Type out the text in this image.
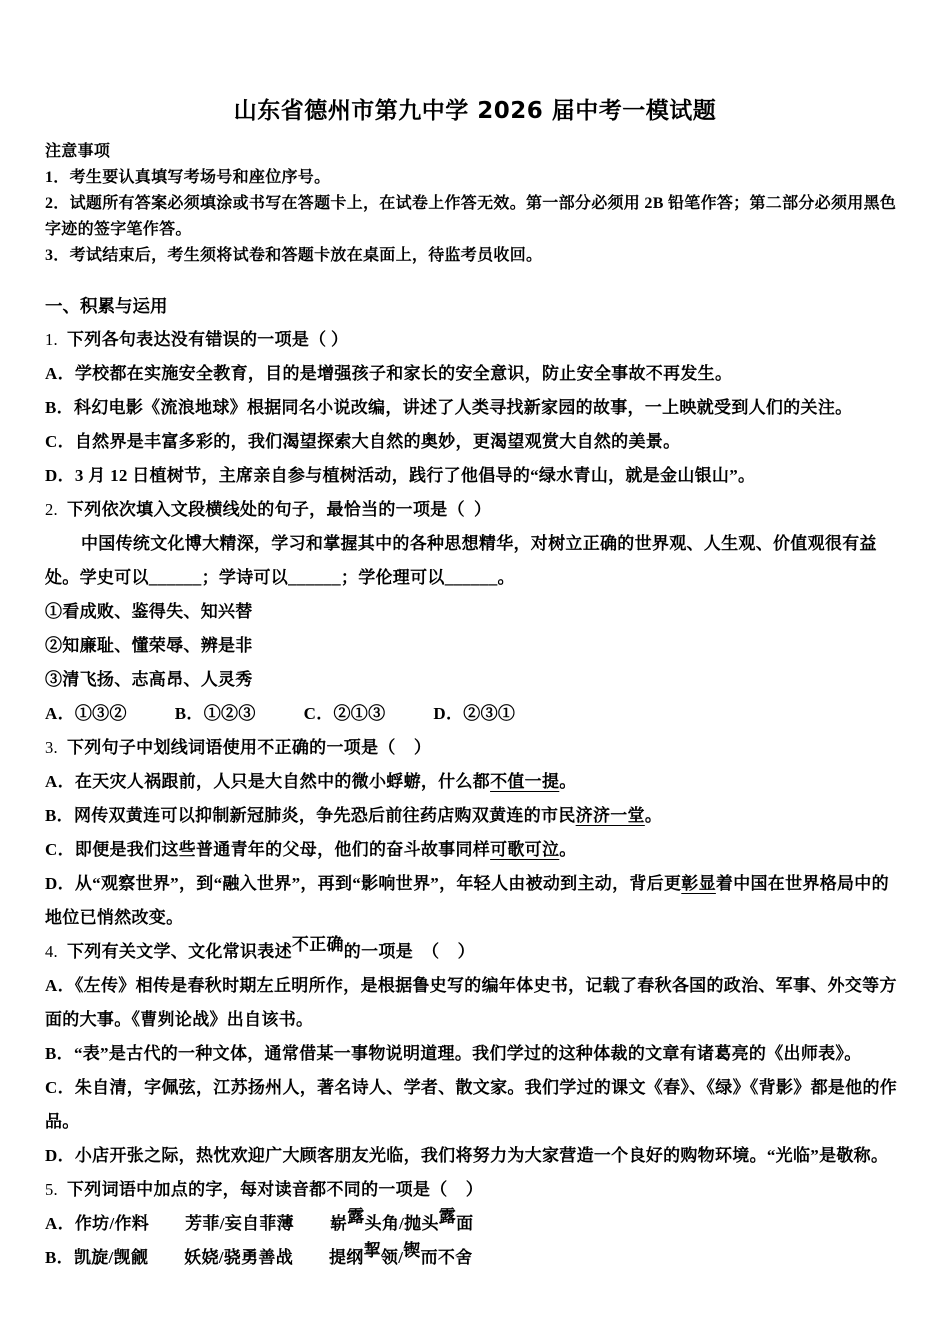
山东省德州市第九中学 2026 届中考一模试题
注意事项
1．考生要认真填写考场号和座位序号。
2．试题所有答案必须填涂或书写在答题卡上，在试卷上作答无效。第一部分必须用 2B 铅笔作答；第二部分必须用黑色字迹的签字笔作答。
3．考试结束后，考生须将试卷和答题卡放在桌面上，待监考员收回。
一、积累与运用
1. 下列各句表达没有错误的一项是（ ）
A．学校都在实施安全教育，目的是增强孩子和家长的安全意识，防止安全事故不再发生。
B．科幻电影《流浪地球》根据同名小说改编，讲述了人类寻找新家园的故事，一上映就受到人们的关注。
C．自然界是丰富多彩的，我们渴望探索大自然的奥妙，更渴望观赏大自然的美景。
D．3 月 12 日植树节，主席亲自参与植树活动，践行了他倡导的“绿水青山，就是金山银山”。
2. 下列依次填入文段横线处的句子，最恰当的一项是（  ）
中国传统文化博大精深，学习和掌握其中的各种思想精华，对树立正确的世界观、人生观、价值观很有益处。学史可以______；学诗可以______；学伦理可以______。
①看成败、鉴得失、知兴替
②知廉耻、懂荣辱、辨是非
③清飞扬、志高昂、人灵秀
A．①③②	B．①②③	C．②①③	D．②③①
3. 下列句子中划线词语使用不正确的一项是（    ）
A．在天灾人祸跟前，人只是大自然中的微小蜉蝣，什么都不值一提。
B．网传双黄连可以抑制新冠肺炎，争先恐后前往药店购双黄连的市民济济一堂。
C．即便是我们这些普通青年的父母，他们的奋斗故事同样可歌可泣。
D．从“观察世界”，到“融入世界”，再到“影响世界”，年轻人由被动到主动，背后更彰显着中国在世界格局中的地位已悄然改变。
4. 下列有关文学、文化常识表述不正确的一项是  （    ）
A．《左传》相传是春秋时期左丘明所作，是根据鲁史写的编年体史书，记载了春秋各国的政治、军事、外交等方面的大事。《曹刿论战》出自该书。
B．“表”是古代的一种文体，通常借某一事物说明道理。我们学过的这种体裁的文章有诸葛亮的《出师表》。
C．朱自清，字佩弦，江苏扬州人，著名诗人、学者、散文家。我们学过的课文《春》、《绿》《背影》都是他的作品。
D．小店开张之际，热忱欢迎广大顾客朋友光临，我们将努力为大家营造一个良好的购物环境。“光临”是敬称。
5. 下列词语中加点的字，每对读音都不同的一项是（    ）
A．作坊/作料 芳菲/妄自菲薄 崭露头角/抛头露面
B．凯旋/觊觎 妖娆/骁勇善战 提纲挈领/锲而不舍
